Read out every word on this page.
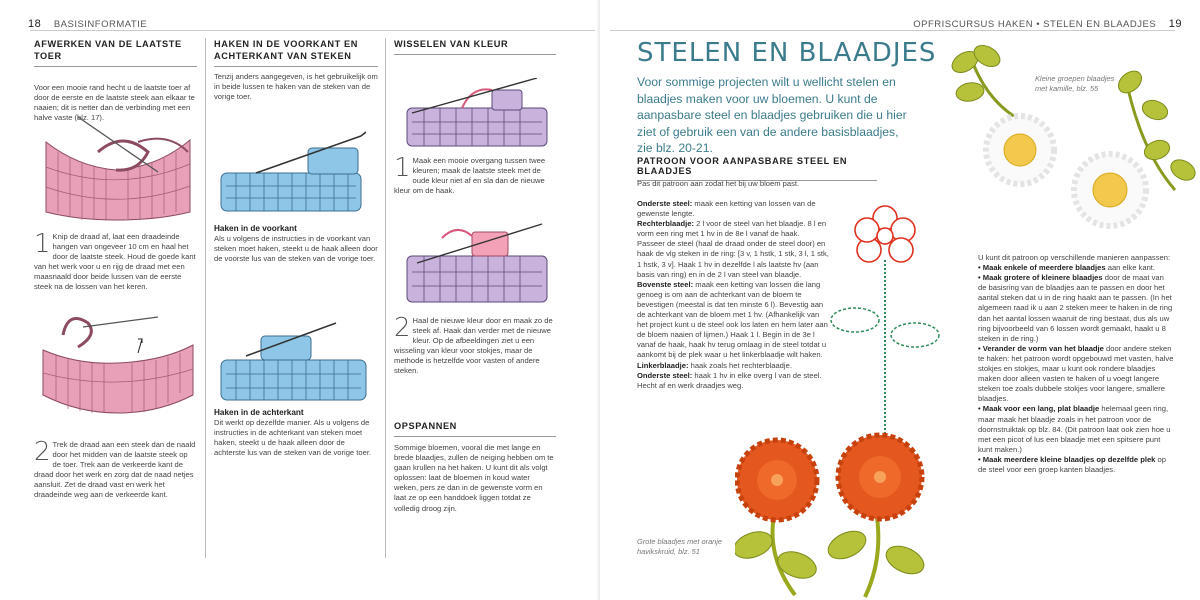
18 BASISINFORMATIE
AFWERKEN VAN DE LAATSTE TOER
Voor een mooie rand hecht u de laatste toer af door de eerste en de laatste steek aan elkaar te naaien; dit is netter dan de verbinding met een halve vaste (blz. 17).
1 Knip de draad af, laat een draadeinde hangen van ongeveer 10 cm en haal het door de laatste steek. Houd de goede kant van het werk voor u en rijg de draad met een maasnaald door beide lussen van de eerste steek na de lossen van het keren.
2 Trek de draad aan een steek dan de naald door het midden van de laatste steek op de toer. Trek aan de verkeerde kant de draad door het werk en zorg dat de naad netjes aansluit. Zet de draad vast en werk het draadeinde weg aan de verkeerde kant.
HAKEN IN DE VOORKANT EN ACHTERKANT VAN STEKEN
Tenzij anders aangegeven, is het gebruikelijk om in beide lussen te haken van de steken van de vorige toer.
Haken in de voorkant
Als u volgens de instructies in de voorkant van steken moet haken, steekt u de haak alleen door de voorste lus van de steken van de vorige toer.
Haken in de achterkant
Dit werkt op dezelfde manier. Als u volgens de instructies in de achterkant van steken moet haken, steekt u de haak alleen door de achterste lus van de steken van de vorige toer.
WISSELEN VAN KLEUR
1 Maak een mooie overgang tussen twee kleuren; maak de laatste steek met de oude kleur niet af en sla dan de nieuwe kleur om de haak.
2 Haal de nieuwe kleur door en maak zo de steek af. Haak dan verder met de nieuwe kleur. Op de afbeeldingen ziet u een wisseling van kleur voor stokjes, maar de methode is hetzelfde voor vasten of andere steken.
OPSPANNEN
Sommige bloemen, vooral die met lange en brede blaadjes, zullen de neiging hebben om te gaan krullen na het haken. U kunt dit als volgt oplossen: laat de bloemen in koud water weken, pers ze dan in de gewenste vorm en laat ze op een handdoek liggen totdat ze volledig droog zijn.
OPFRISCURSUS HAKEN • STELEN EN BLAADJES 19
STELEN EN BLAADJES
Voor sommige projecten wilt u wellicht stelen en blaadjes maken voor uw bloemen. U kunt de aanpasbare steel en blaadjes gebruiken die u hier ziet of gebruik een van de andere basisblaadjes, zie blz. 20-21.
PATROON VOOR AANPASBARE STEEL EN BLAADJES
Pas dit patroon aan zodat het bij uw bloem past.
Onderste steel: maak een ketting van lossen van de gewenste lengte.
Rechterblaadje: 2 l voor de steel van het blaadje. 8 l en vorm een ring met 1 hv in de 8e l vanaf de haak. Passeer de steel (haal de draad onder de steel door) en haak de vlg steken in de ring: [3 v, 1 hstk, 1 stk, 3 l, 1 stk, 1 hstk, 3 v]. Haak 1 hv in dezelfde l als laatste hv (aan basis van ring) en in de 2 l van steel van blaadje.
Bovenste steel: maak een ketting van lossen die lang genoeg is om aan de achterkant van de bloem te bevestigen (meestal is dat ten minste 6 l). Bevestig aan de achterkant van de bloem met 1 hv. (Afhankelijk van het project kunt u de steel ook los laten en hem later aan de bloem naaien of lijmen.) Haak 1 l. Begin in de 3e l vanaf de haak, haak hv terug omlaag in de steel totdat u aankomt bij de plek waar u het linkerblaadje wilt haken.
Linkerblaadje: haak zoals het rechterblaadje.
Onderste steel: haak 1 hv in elke overg l van de steel. Hecht af en werk draadjes weg.
Kleine groepen blaadjes met kamille, blz. 55
Grote blaadjes met oranje havikskruid, blz. 51
U kunt dit patroon op verschillende manieren aanpassen:
• Maak enkele of meerdere blaadjes aan elke kant.
• Maak grotere of kleinere blaadjes door de maat van de basisring van de blaadjes aan te passen en door het aantal steken dat u in de ring haakt aan te passen. (In het algemeen raad ik u aan 2 steken meer te haken in de ring dan het aantal lossen waaruit de ring bestaat, dus als uw ring bijvoorbeeld van 6 lossen wordt gemaakt, haakt u 8 steken in de ring.)
• Verander de vorm van het blaadje door andere steken te haken: het patroon wordt opgebouwd met vasten, halve stokjes en stokjes, maar u kunt ook rondere blaadjes maken door alleen vasten te haken of u voegt langere steken toe zoals dubbele stokjes voor langere, smallere blaadjes.
• Maak voor een lang, plat blaadje helemaal geen ring, maar maak het blaadje zoals in het patroon voor de doornstruiktak op blz. 84. (Dit patroon laat ook zien hoe u met een picot of lus een blaadje met een spitsere punt kunt maken.)
• Maak meerdere kleine blaadjes op dezelfde plek op de steel voor een groep kanten blaadjes.
